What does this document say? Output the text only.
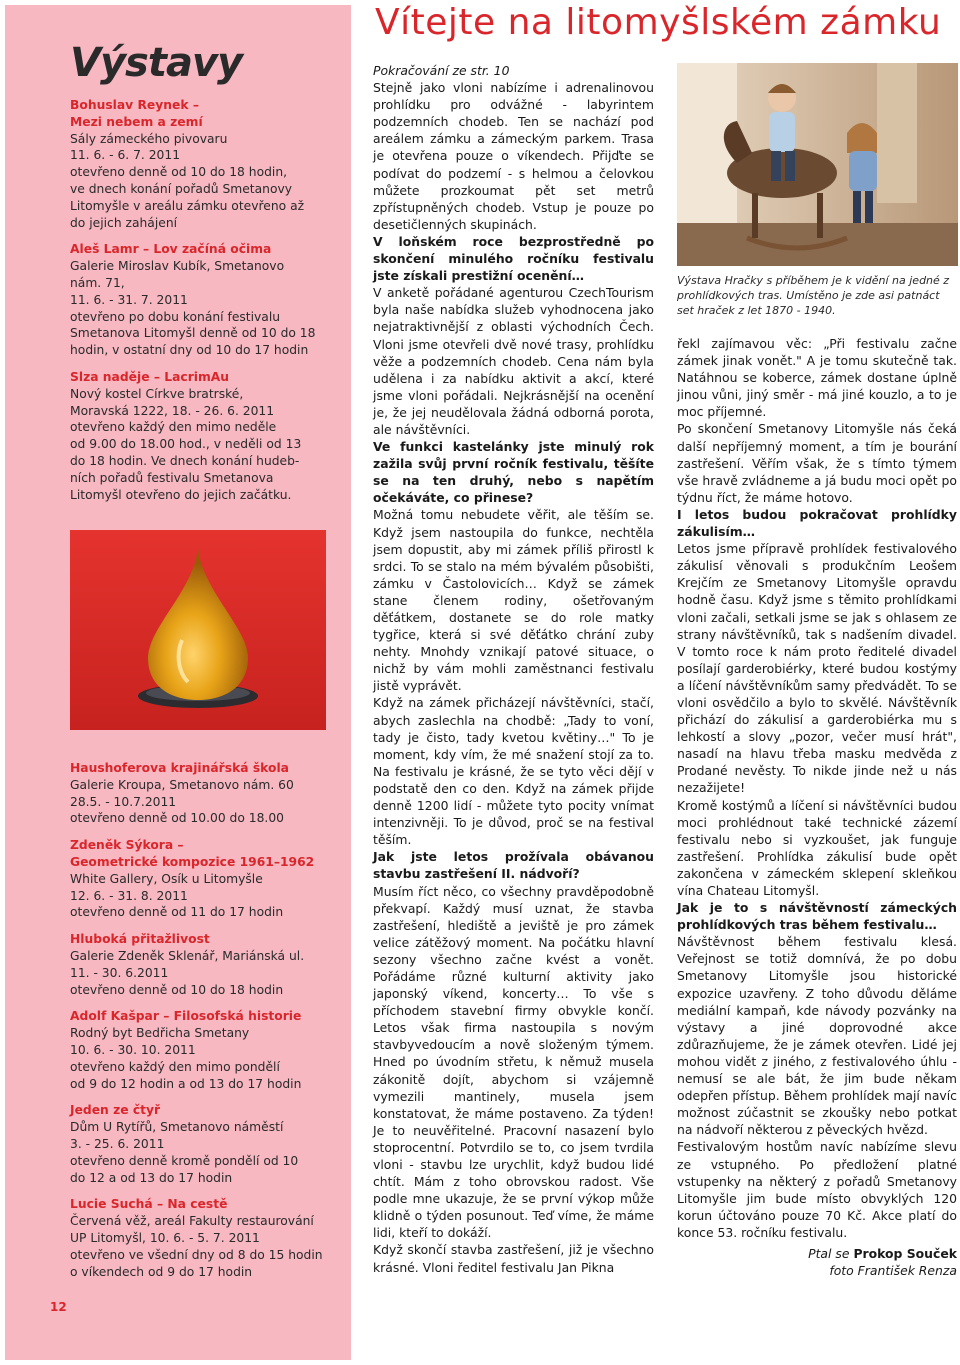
Výstavy
Bohuslav Reynek –
Mezi nebem a zemí
Sály zámeckého pivovaru
11. 6. - 6. 7. 2011
otevřeno denně od 10 do 18 hodin,
ve dnech konání pořadů Smetanovy
Litomyšle v areálu zámku otevřeno až
do jejich zahájení
Aleš Lamr – Lov začíná očima
Galerie Miroslav Kubík, Smetanovo
nám. 71,
11. 6. - 31. 7. 2011
otevřeno po dobu konání festivalu
Smetanova Litomyšl denně od 10 do 18
hodin, v ostatní dny od 10 do 17 hodin
Slza naděje – LacrimAu
Nový kostel Církve bratrské,
Moravská 1222, 18. - 26. 6. 2011
otevřeno každý den mimo neděle
od 9.00 do 18.00 hod., v neděli od 13
do 18 hodin. Ve dnech konání hudeb-
ních pořadů festivalu Smetanova
Litomyšl otevřeno do jejich začátku.
Haushoferova krajinářská škola
Galerie Kroupa, Smetanovo nám. 60
28.5. - 10.7.2011
otevřeno denně od 10.00 do 18.00
Zdeněk Sýkora –
Geometrické kompozice 1961–1962
White Gallery, Osík u Litomyšle
12. 6. - 31. 8. 2011
otevřeno denně od 11 do 17 hodin
Hluboká přitažlivost
Galerie Zdeněk Sklenář, Mariánská ul.
11. - 30. 6.2011
otevřeno denně od 10 do 18 hodin
Adolf Kašpar – Filosofská historie
Rodný byt Bedřicha Smetany
10. 6. - 30. 10. 2011
otevřeno každý den mimo pondělí
od 9 do 12 hodin a od 13 do 17 hodin
Jeden ze čtyř
Dům U Rytířů, Smetanovo náměstí
3. - 25. 6. 2011
otevřeno denně kromě pondělí od 10
do 12 a od 13 do 17 hodin
Lucie Suchá – Na cestě
Červená věž, areál Fakulty restaurování
UP Litomyšl, 10. 6. - 5. 7. 2011
otevřeno ve všední dny od 8 do 15 hodin
o víkendech od 9 do 17 hodin
12
Vítejte na litomyšlském zámku

Pokračování ze str. 10

Stejně jako vloni nabízíme i adrenalinovou prohlídku pro odvážné - labyrintem podzemních chodeb. Ten se nachází pod areálem zámku a zámeckým parkem. Trasa je otevřena pouze o víkendech. Přijďte se podívat do podzemí - s helmou a čelovkou můžete prozkoumat pět set metrů zpřístupněných chodeb. Vstup je pouze po desetičlenných skupinách.

V loňském roce bezprostředně po skončení minulého ročníku festivalu jste získali prestižní ocenění…

V anketě pořádané agenturou CzechTourism byla naše nabídka služeb vyhodnocena jako nejatraktivnější z oblasti východních Čech. Vloni jsme otevřeli dvě nové trasy, prohlídku věže a podzemních chodeb. Cena nám byla udělena i za nabídku aktivit a akcí, které jsme vloni pořádali. Nejkrásnější na ocenění je, že jej neudělovala žádná odborná porota, ale návštěvníci.

Ve funkci kastelánky jste minulý rok zažila svůj první ročník festivalu, těšíte se na ten druhý, nebo s napětím očekáváte, co přinese?

Možná tomu nebudete věřit, ale těším se. Když jsem nastoupila do funkce, nechtěla jsem dopustit, aby mi zámek příliš přirostl k srdci. To se stalo na mém bývalém působišti, zámku v Častolovicích… Když se zámek stane členem rodiny, ošetřovaným děťátkem, dostanete se do role matky tygřice, která si své děťátko chrání zuby nehty. Mnohdy vznikají patové situace, o nichž by vám mohli zaměstnanci festivalu jistě vyprávět.

Když na zámek přicházejí návštěvníci, stačí, abych zaslechla na chodbě: „Tady to voní, tady je čisto, tady kvetou květiny…" To je moment, kdy vím, že mé snažení stojí za to. Na festivalu je krásné, že se tyto věci dějí v podstatě den co den. Když na zámek přijde denně 1200 lidí - můžete tyto pocity vnímat intenzivněji. To je důvod, proč se na festival těším.

Jak jste letos prožívala obávanou stavbu zastřešení II. nádvoří?

Musím říct něco, co všechny pravděpodobně překvapí. Každý musí uznat, že stavba zastřešení, hlediště a jeviště je pro zámek velice zátěžový moment. Na počátku hlavní sezony všechno začne kvést a vonět. Pořádáme různé kulturní aktivity jako japonský víkend, koncerty… To vše s příchodem stavební firmy obvykle končí. Letos však firma nastoupila s novým stavbyvedoucím a nově složeným týmem. Hned po úvodním střetu, k němuž musela zákonitě dojít, abychom si vzájemně vymezili mantinely, musela jsem konstatovat, že máme postaveno. Za týden! Je to neuvěřitelné. Pracovní nasazení bylo stoprocentní. Potvrdilo se to, co jsem tvrdila vloni - stavbu lze urychlit, když budou lidé chtít. Mám z toho obrovskou radost. Vše podle mne ukazuje, že se první výkop může klidně o týden posunout. Teď víme, že máme lidi, kteří to dokáží.

Když skončí stavba zastřešení, již je všechno krásné. Vloni ředitel festivalu Jan Pikna

Výstava Hračky s příběhem je k vidění na jedné z prohlídkových tras. Umístěno je zde asi patnáct set hraček z let 1870 - 1940.

řekl zajímavou věc: „Při festivalu začne zámek jinak vonět." A je tomu skutečně tak. Natáhnou se koberce, zámek dostane úplně jinou vůni, jiný směr - má jiné kouzlo, a to je moc příjemné.

Po skončení Smetanovy Litomyšle nás čeká další nepříjemný moment, a tím je bourání zastřešení. Věřím však, že s tímto týmem vše hravě zvládneme a já budu moci opět po týdnu říct, že máme hotovo.

I letos budou pokračovat prohlídky zákulisím…

Letos jsme přípravě prohlídek festivalového zákulisí věnovali s produkčním Leošem Krejčím ze Smetanovy Litomyšle opravdu hodně času. Když jsme s těmito prohlídkami vloni začali, setkali jsme se jak s ohlasem ze strany návštěvníků, tak s nadšením divadel. V tomto roce k nám proto ředitelé divadel posílají garderobiérky, které budou kostýmy a líčení návštěvníkům samy předvádět. To se vloni osvědčilo a bylo to skvělé. Návštěvník přichází do zákulisí a garderobiérka mu s lehkostí a slovy „pozor, večer musí hrát", nasadí na hlavu třeba masku medvěda z Prodané nevěsty. To nikde jinde než u nás nezažijete!

Kromě kostýmů a líčení si návštěvníci budou moci prohlédnout také technické zázemí festivalu nebo si vyzkoušet, jak funguje zastřešení. Prohlídka zákulisí bude opět zakončena v zámeckém sklepení skleňkou vína Chateau Litomyšl.

Jak je to s návštěvností zámeckých prohlídkových tras během festivalu…

Návštěvnost během festivalu klesá. Veřejnost se totiž domnívá, že po dobu Smetanovy Litomyšle jsou historické expozice uzavřeny. Z toho důvodu děláme mediální kampaň, kde návody pozvánky na výstavy a jiné doprovodné akce zdůrazňujeme, že je zámek otevřen. Lidé jej mohou vidět z jiného, z festivalového úhlu - nemusí se ale bát, že jim bude někam odepřen přístup. Během prohlídek mají navíc možnost zúčastnit se zkoušky nebo potkat na nádvoří některou z pěveckých hvězd.

Festivalovým hostům navíc nabízíme slevu ze vstupného. Po předložení platné vstupenky na některý z pořadů Smetanovy Litomyšle jim bude místo obvyklých 120 korun účtováno pouze 70 Kč. Akce platí do konce 53. ročníku festivalu.

Ptal se Prokop Souček
foto František Renza
